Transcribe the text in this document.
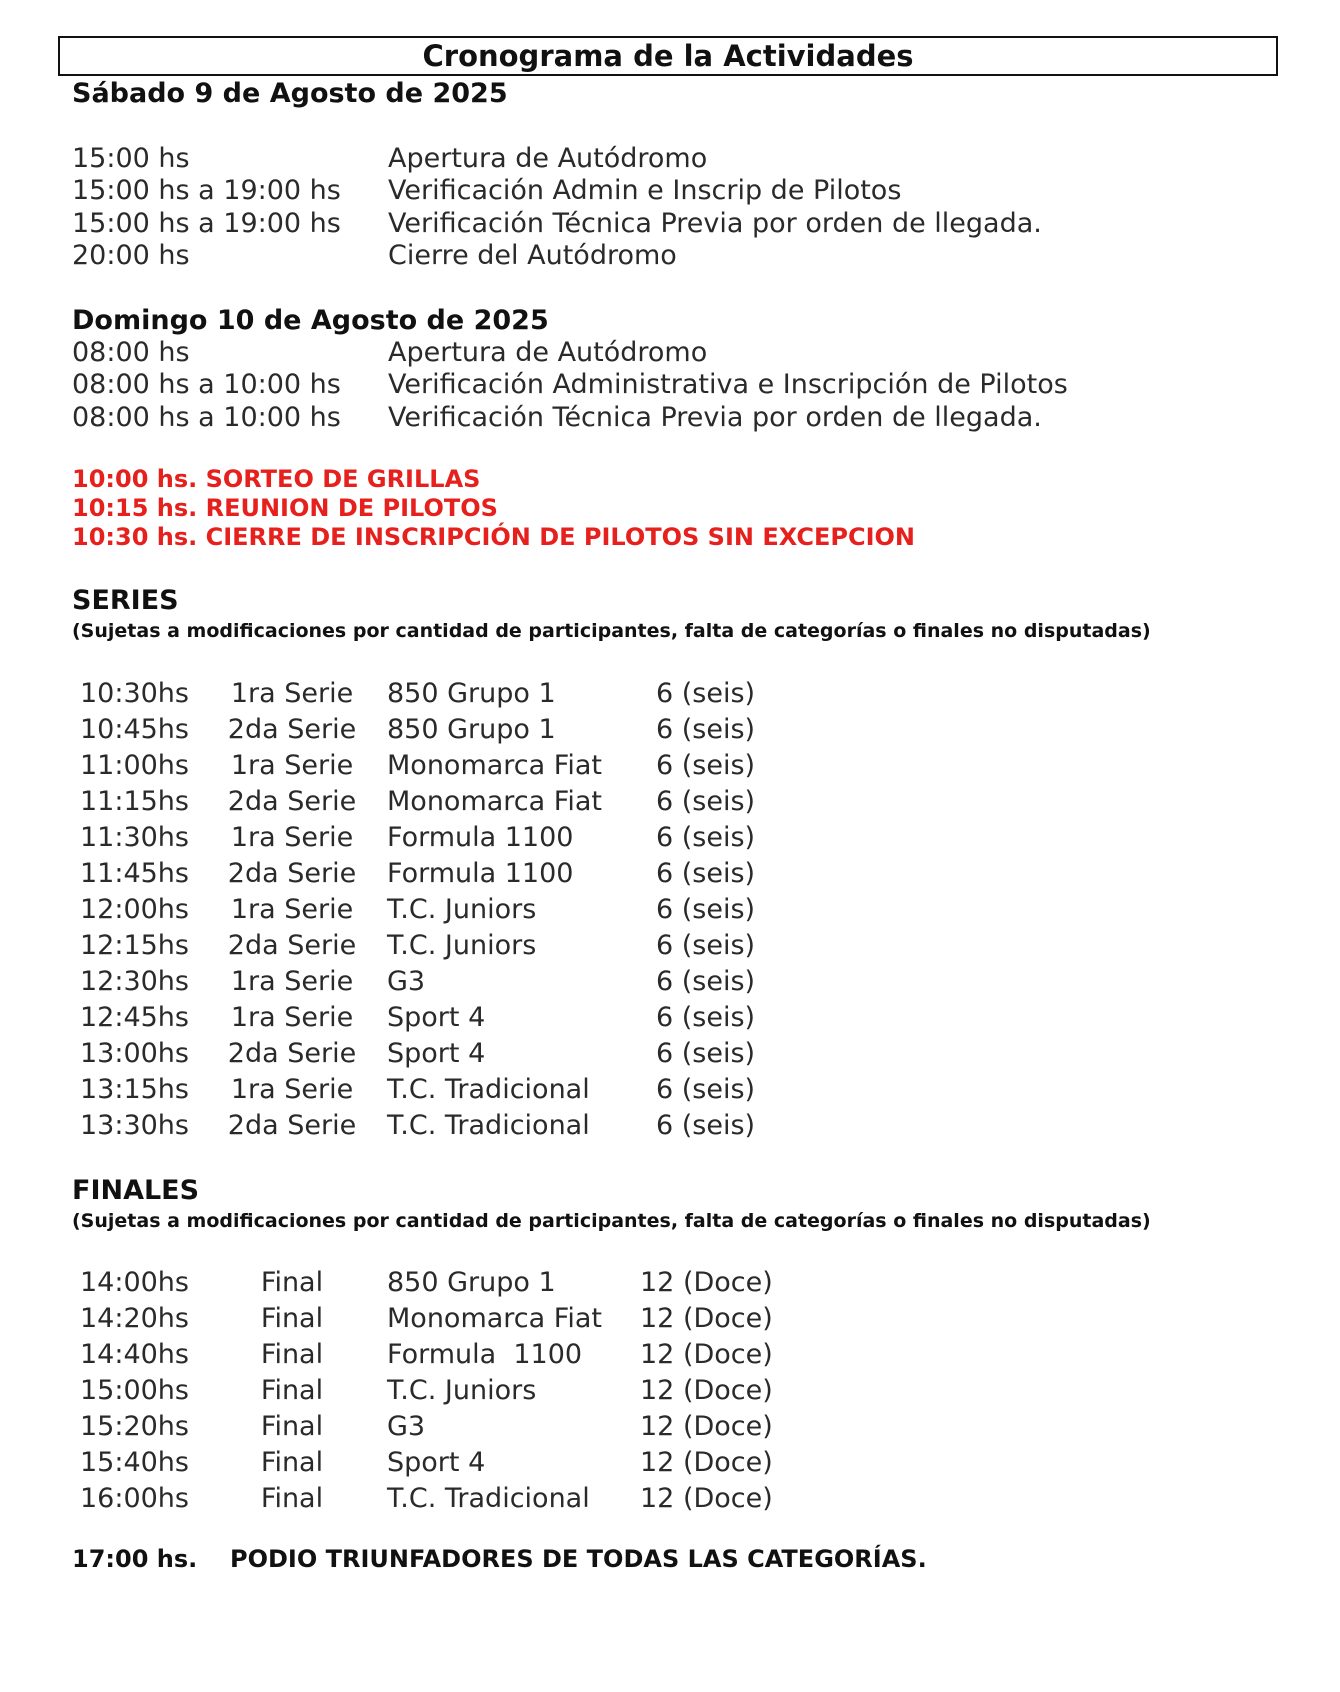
Cronograma de la Actividades
Sábado 9 de Agosto de 2025
15:00 hs	Apertura de Autódromo
15:00 hs a 19:00 hs Verificación Admin e Inscrip de Pilotos
15:00 hs a 19:00 hs Verificación Técnica Previa por orden de llegada.
20:00 hs	Cierre del Autódromo
Domingo 10 de Agosto de 2025
08:00 hs	Apertura de Autódromo
08:00 hs a 10:00 hs Verificación Administrativa e Inscripción de Pilotos
08:00 hs a 10:00 hs Verificación Técnica Previa por orden de llegada.
10:00 hs. SORTEO DE GRILLAS
10:15 hs. REUNION DE PILOTOS
10:30 hs. CIERRE DE INSCRIPCIÓN DE PILOTOS SIN EXCEPCION
SERIES
(Sujetas a modificaciones por cantidad de participantes, falta de categorías o finales no disputadas)
10:30hs 1ra Serie 850 Grupo 1	6 (seis)
10:45hs 2da Serie 850 Grupo 1	6 (seis)
11:00hs 1ra Serie Monomarca Fiat 6 (seis)
11:15hs 2da Serie Monomarca Fiat 6 (seis)
11:30hs 1ra Serie Formula 1100	6 (seis)
11:45hs 2da Serie Formula 1100	6 (seis)
12:00hs 1ra Serie T.C. Juniors	6 (seis)
12:15hs 2da Serie T.C. Juniors	6 (seis)
12:30hs 1ra Serie G3	6 (seis)
12:45hs 1ra Serie Sport 4	6 (seis)
13:00hs 2da Serie Sport 4	6 (seis)
13:15hs 1ra Serie T.C. Tradicional 6 (seis)
13:30hs 2da Serie T.C. Tradicional 6 (seis)
FINALES
(Sujetas a modificaciones por cantidad de participantes, falta de categorías o finales no disputadas)
14:00hs	Final	850 Grupo 1	12 (Doce)
14:20hs	Final	Monomarca Fiat 12 (Doce)
14:40hs	Final	Formula  1100 12 (Doce)
15:00hs	Final	T.C. Juniors	12 (Doce)
15:20hs	Final	G3	12 (Doce)
15:40hs	Final	Sport 4	12 (Doce)
16:00hs	Final	T.C. Tradicional 12 (Doce)
17:00 hs. PODIO TRIUNFADORES DE TODAS LAS CATEGORÍAS.
